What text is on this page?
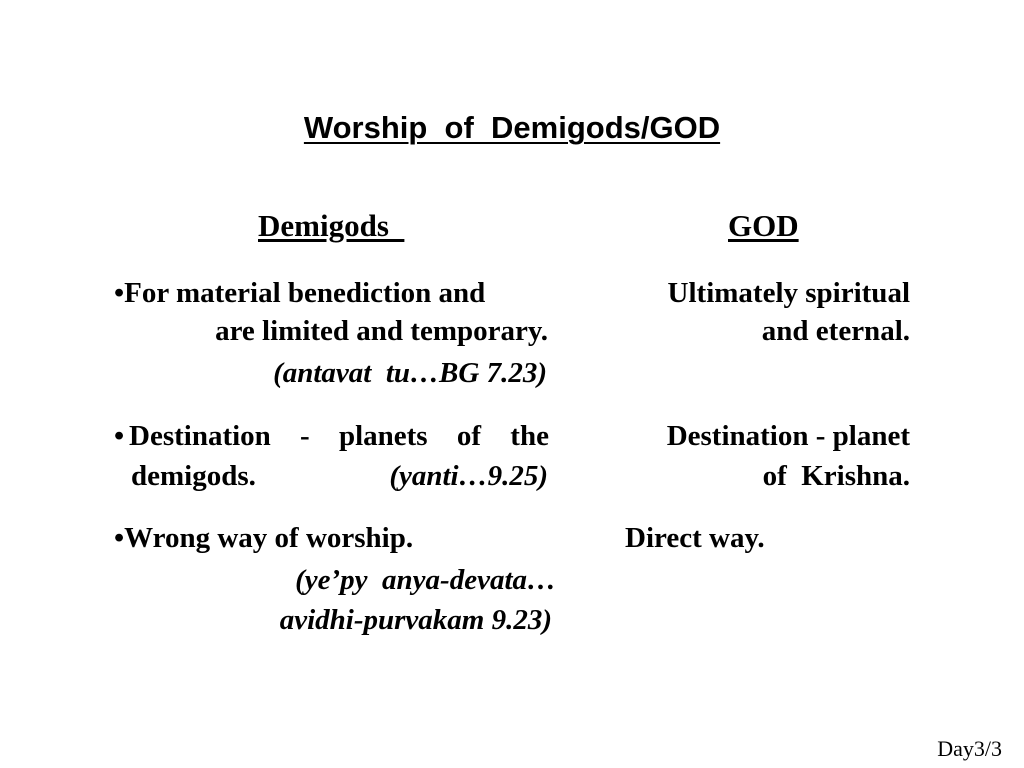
Worship  of  Demigods/GOD
Demigods	GOD
•For material benediction and
are limited and temporary.
(antavat  tu…BG 7.23)
Ultimately spiritual
and eternal.
• Destination - planets of the
demigods.	(yanti…9.25)
Destination - planet
of  Krishna.
•Wrong way of worship.
(ye’py  anya-devata…
avidhi-purvakam 9.23)
Direct way.
Day3/3
